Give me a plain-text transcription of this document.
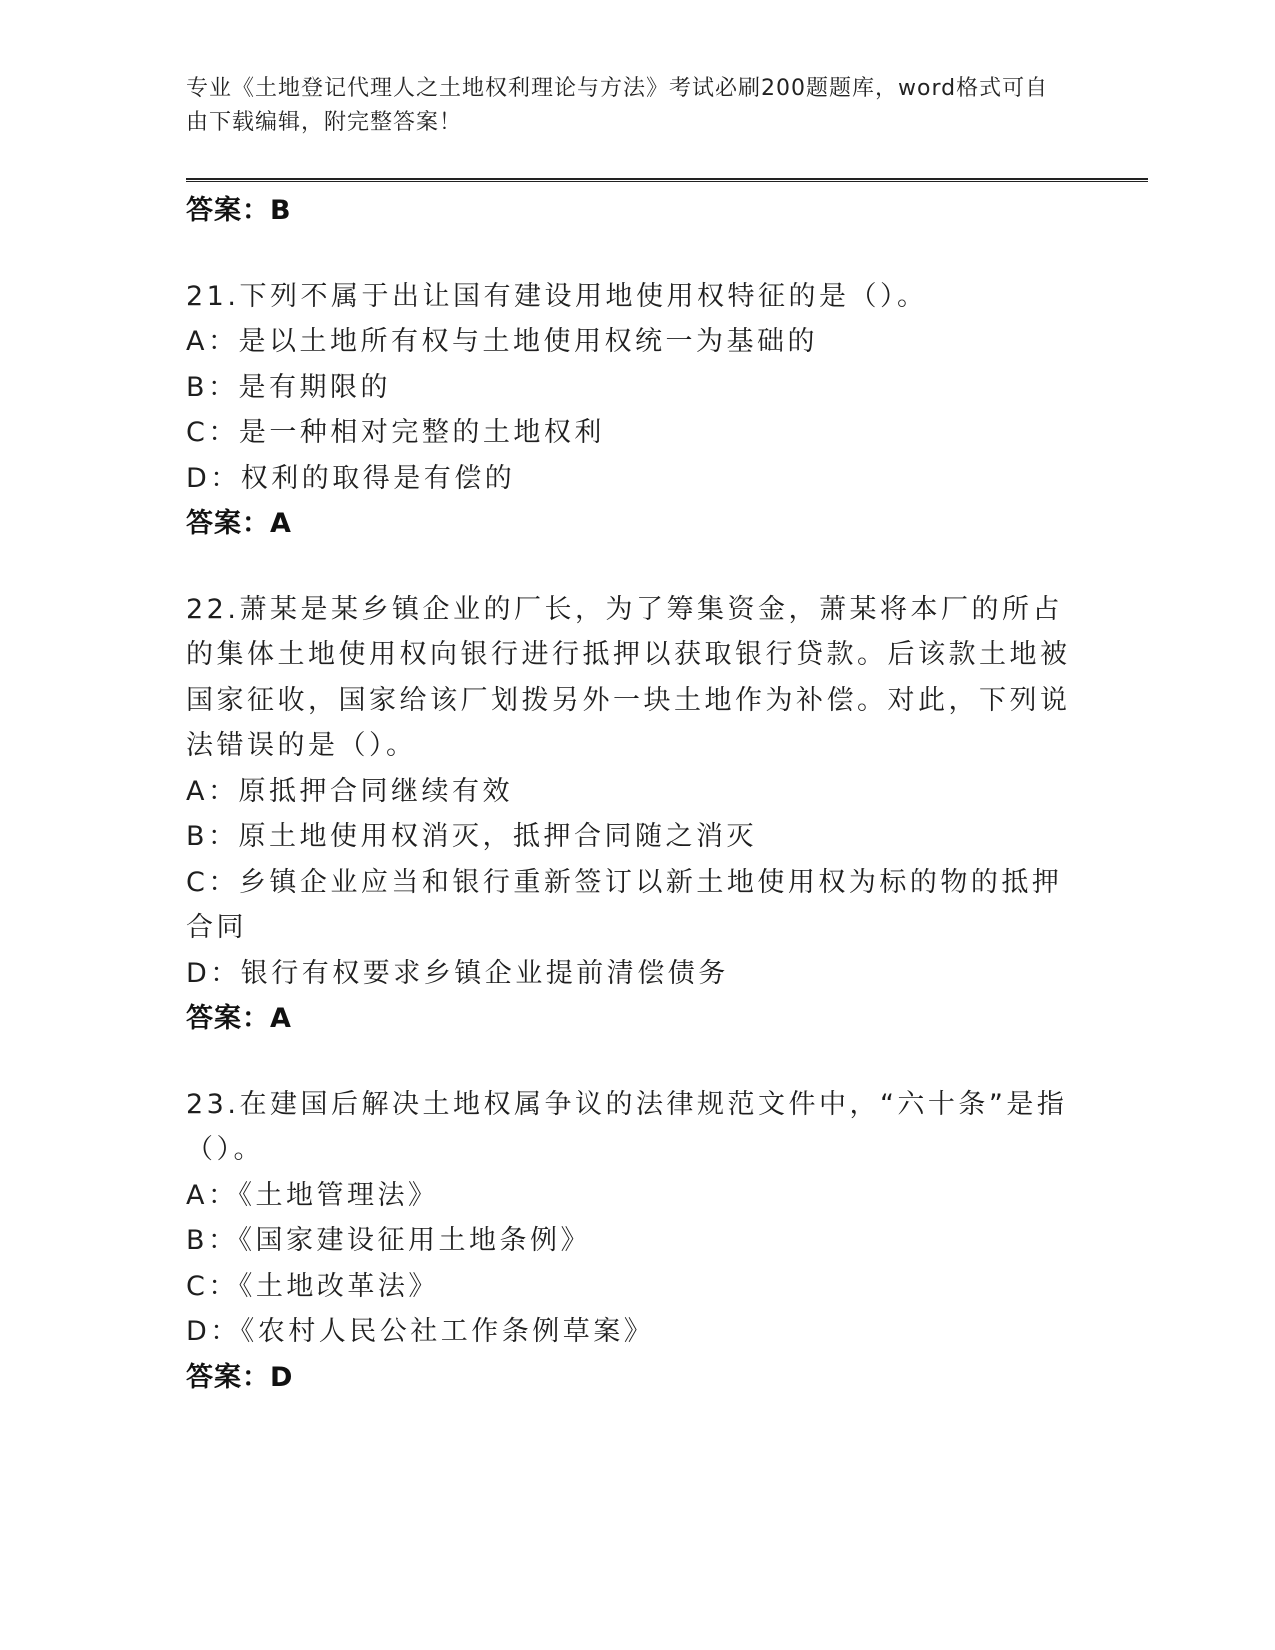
专业《土地登记代理人之土地权利理论与方法》考试必刷200题题库，word格式可自由下载编辑，附完整答案！
答案：B
21.下列不属于出让国有建设用地使用权特征的是（）。
A：是以土地所有权与土地使用权统一为基础的
B：是有期限的
C：是一种相对完整的土地权利
D：权利的取得是有偿的
答案：A
22.萧某是某乡镇企业的厂长，为了筹集资金，萧某将本厂的所占的集体土地使用权向银行进行抵押以获取银行贷款。后该款土地被国家征收，国家给该厂划拨另外一块土地作为补偿。对此，下列说法错误的是（）。
A：原抵押合同继续有效
B：原土地使用权消灭，抵押合同随之消灭
C：乡镇企业应当和银行重新签订以新土地使用权为标的物的抵押合同
D：银行有权要求乡镇企业提前清偿债务
答案：A
23.在建国后解决土地权属争议的法律规范文件中，“六十条”是指（）。
A：《土地管理法》
B：《国家建设征用土地条例》
C：《土地改革法》
D：《农村人民公社工作条例草案》
答案：D
